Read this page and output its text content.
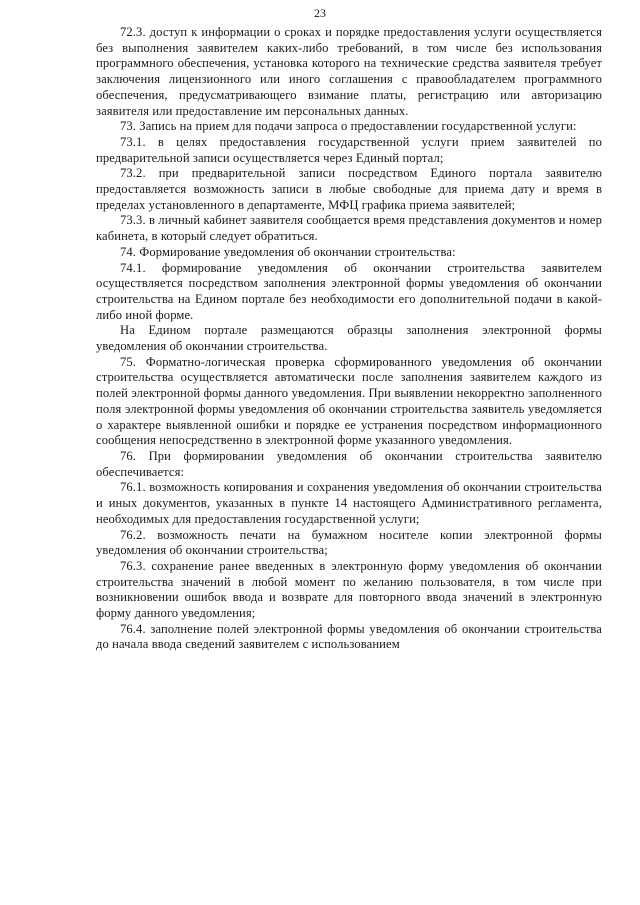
23

72.3. доступ к информации о сроках и порядке предоставления услуги осуществляется без выполнения заявителем каких-либо требований, в том числе без использования программного обеспечения, установка которого на технические средства заявителя требует заключения лицензионного или иного соглашения с правообладателем программного обеспечения, предусматривающего взимание платы, регистрацию или авторизацию заявителя или предоставление им персональных данных.

73. Запись на прием для подачи запроса о предоставлении государственной услуги:

73.1. в целях предоставления государственной услуги прием заявителей по предварительной записи осуществляется через Единый портал;

73.2. при предварительной записи посредством Единого портала заявителю предоставляется возможность записи в любые свободные для приема дату и время в пределах установленного в департаменте, МФЦ графика приема заявителей;

73.3. в личный кабинет заявителя сообщается время представления документов и номер кабинета, в который следует обратиться.

74. Формирование уведомления об окончании строительства:

74.1. формирование уведомления об окончании строительства заявителем осуществляется посредством заполнения электронной формы уведомления об окончании строительства на Едином портале без необходимости его дополнительной подачи в какой-либо иной форме.

На Едином портале размещаются образцы заполнения электронной формы уведомления об окончании строительства.

75. Форматно-логическая проверка сформированного уведомления об окончании строительства осуществляется автоматически после заполнения заявителем каждого из полей электронной формы данного уведомления. При выявлении некорректно заполненного поля электронной формы уведомления об окончании строительства заявитель уведомляется о характере выявленной ошибки и порядке ее устранения посредством информационного сообщения непосредственно в электронной форме указанного уведомления.

76. При формировании уведомления об окончании строительства заявителю обеспечивается:

76.1. возможность копирования и сохранения уведомления об окончании строительства и иных документов, указанных в пункте 14 настоящего Административного регламента, необходимых для предоставления государственной услуги;

76.2. возможность печати на бумажном носителе копии электронной формы уведомления об окончании строительства;

76.3. сохранение ранее введенных в электронную форму уведомления об окончании строительства значений в любой момент по желанию пользователя, в том числе при возникновении ошибок ввода и возврате для повторного ввода значений в электронную форму данного уведомления;

76.4. заполнение полей электронной формы уведомления об окончании строительства до начала ввода сведений заявителем с использованием
